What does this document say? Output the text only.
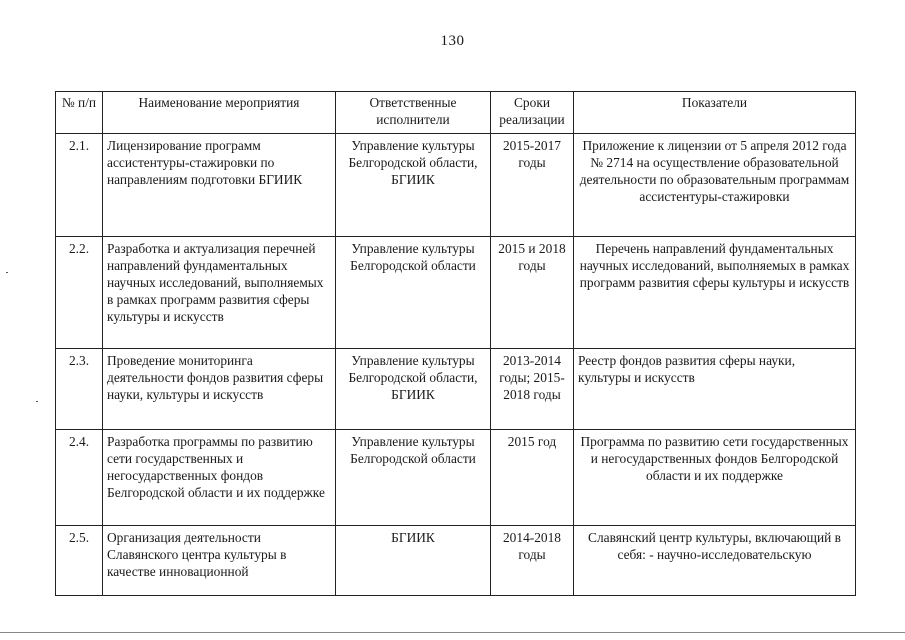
130
№ п/п	Наименование мероприятия	Ответственные исполнители	Сроки реализации	Показатели
2.1.	Лицензирование программ ассистентуры-стажировки по направлениям подготовки БГИИК	Управление культуры Белгородской области, БГИИК	2015-2017 годы	Приложение к лицензии от 5 апреля 2012 года № 2714 на осуществление образовательной деятельности по образовательным программам ассистентуры-стажировки
2.2.	Разработка и актуализация перечней направлений фундаментальных научных исследований, выполняемых в рамках программ развития сферы культуры и искусств	Управление культуры Белгородской области	2015 и 2018 годы	Перечень направлений фундаментальных научных исследований, выполняемых в рамках программ развития сферы культуры и искусств
2.3.	Проведение мониторинга деятельности фондов развития сферы науки, культуры и искусств	Управление культуры Белгородской области, БГИИК	2013-2014 годы; 2015-2018 годы	Реестр фондов развития сферы науки, культуры и искусств
2.4.	Разработка программы по развитию сети государственных и негосударственных фондов Белгородской области и их поддержке	Управление культуры Белгородской области	2015 год	Программа по развитию сети государственных и негосударственных фондов Белгородской области и их поддержке
2.5.	Организация деятельности Славянского центра культуры в качестве инновационной	БГИИК	2014-2018 годы	Славянский центр культуры, включающий в себя: - научно-исследовательскую
